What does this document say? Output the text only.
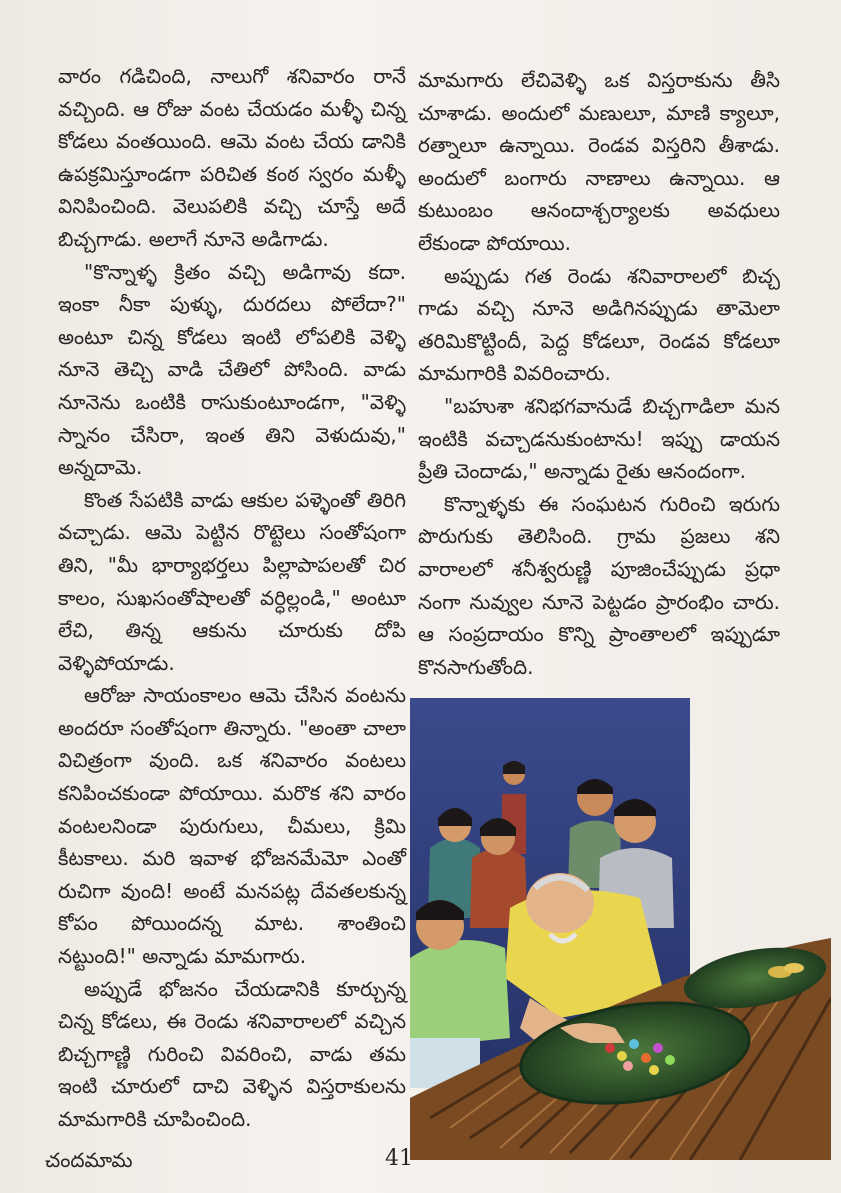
వారం గడిచింది, నాలుగో శనివారం రానే వచ్చింది. ఆ రోజు వంట చేయడం మళ్ళీ చిన్న కోడలు వంతయింది. ఆమె వంట చేయ డానికి ఉపక్రమిస్తూండగా పరిచిత కంఠ స్వరం మళ్ళీ వినిపించింది. వెలుపలికి వచ్చి చూస్తే అదే బిచ్చగాడు. అలాగే నూనె అడిగాడు.

"కొన్నాళ్ళ క్రితం వచ్చి అడిగావు కదా. ఇంకా నీకా పుళ్ళు, దురదలు పోలేదా?" అంటూ చిన్న కోడలు ఇంటి లోపలికి వెళ్ళి నూనె తెచ్చి వాడి చేతిలో పోసింది. వాడు నూనెను ఒంటికి రాసుకుంటూండగా, "వెళ్ళి స్నానం చేసిరా, ఇంత తిని వెళుదువు," అన్నదామె.

కొంత సేపటికి వాడు ఆకుల పళ్ళెంతో తిరిగి వచ్చాడు. ఆమె పెట్టిన రొట్టెలు సంతోషంగా తిని, "మీ భార్యాభర్తలు పిల్లాపాపలతో చిర కాలం, సుఖసంతోషాలతో వర్ధిల్లండి," అంటూ లేచి, తిన్న ఆకును చూరుకు దోపి వెళ్ళిపోయాడు.

ఆరోజు సాయంకాలం ఆమె చేసిన వంటను అందరూ సంతోషంగా తిన్నారు. "అంతా చాలా విచిత్రంగా వుంది. ఒక శనివారం వంటలు కనిపించకుండా పోయాయి. మరొక శని వారం వంటలనిండా పురుగులు, చీమలు, క్రిమి కీటకాలు. మరి ఇవాళ భోజనమేమో ఎంతో రుచిగా వుంది! అంటే మనపట్ల దేవతలకున్న కోపం పోయిందన్న మాట. శాంతించి నట్టుంది!" అన్నాడు మామగారు.

అప్పుడే భోజనం చేయడానికి కూర్చున్న చిన్న కోడలు, ఈ రెండు శనివారాలలో వచ్చిన బిచ్చగాణ్ణి గురించి వివరించి, వాడు తమ ఇంటి చూరులో దాచి వెళ్ళిన విస్తరాకులను మామగారికి చూపించింది.

మామగారు లేచివెళ్ళి ఒక విస్తరాకును తీసి చూశాడు. అందులో మణులూ, మాణి క్యాలూ, రత్నాలూ ఉన్నాయి. రెండవ విస్తరిని తీశాడు. అందులో బంగారు నాణాలు ఉన్నాయి. ఆ కుటుంబం ఆనందాశ్చర్యాలకు అవధులు లేకుండా పోయాయి.

అప్పుడు గత రెండు శనివారాలలో బిచ్చ గాడు వచ్చి నూనె అడిగినప్పుడు తామెలా తరిమికొట్టిందీ, పెద్ద కోడలూ, రెండవ కోడలూ మామగారికి వివరించారు.

"బహుశా శనిభగవానుడే బిచ్చగాడిలా మన ఇంటికి వచ్చాడనుకుంటాను! ఇప్పు డాయన ప్రీతి చెందాడు," అన్నాడు రైతు ఆనందంగా.

కొన్నాళ్ళకు ఈ సంఘటన గురించి ఇరుగు పొరుగుకు తెలిసింది. గ్రామ ప్రజలు శని వారాలలో శనీశ్వరుణ్ణి పూజించేప్పుడు ప్రధా నంగా నువ్వుల నూనె పెట్టడం ప్రారంభిం చారు. ఆ సంప్రదాయం కొన్ని ప్రాంతాలలో ఇప్పుడూ కొనసాగుతోంది.

చందమామ	41
